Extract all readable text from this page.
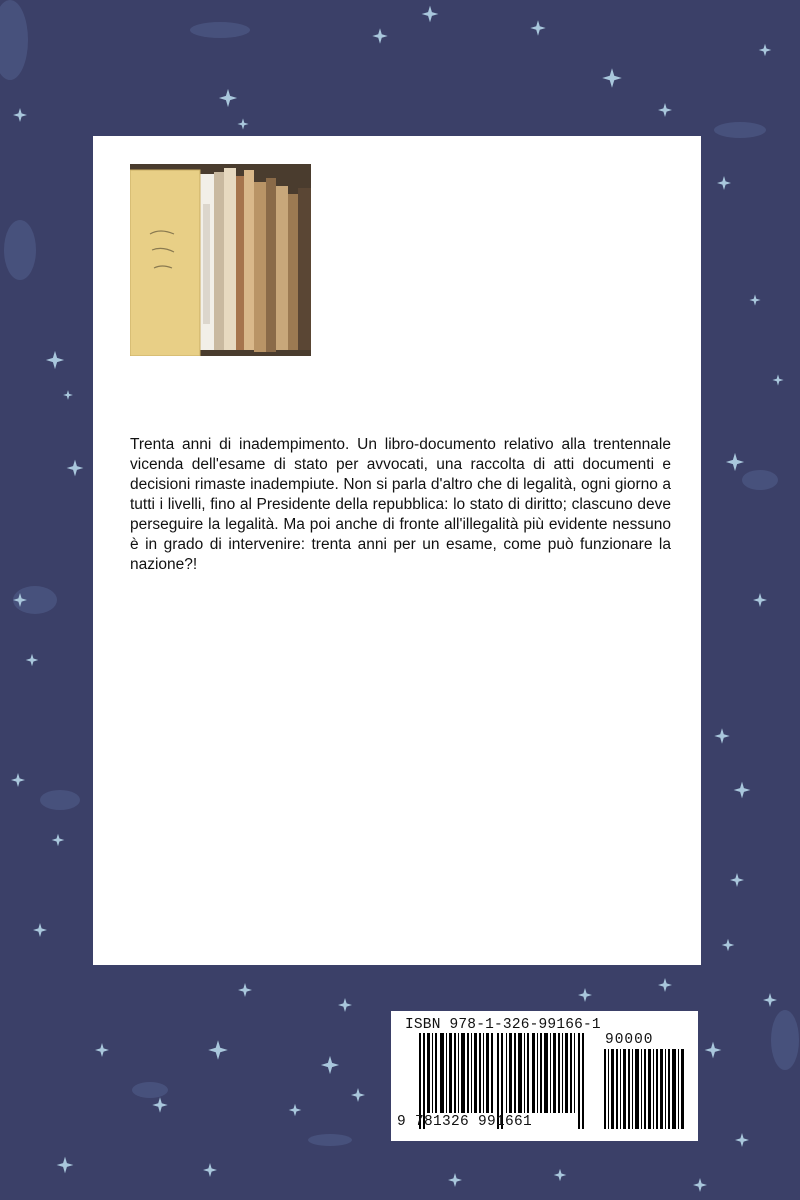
Trenta anni di inadempimento. Un libro-documento relativo alla trentennale vicenda dell'esame di stato per avvocati, una raccolta di atti documenti e decisioni rimaste inadempiute. Non si parla d'altro che di legalità, ogni giorno a tutti i livelli, fino al Presidente della repubblica: lo stato di diritto; clascuno deve perseguire la legalità. Ma poi anche di fronte all'illegalità più evidente nessuno è in grado di intervenire: trenta anni per un esame, come può funzionare la nazione?!

ISBN 978-1-326-99166-1
90000
9 781326 991661
